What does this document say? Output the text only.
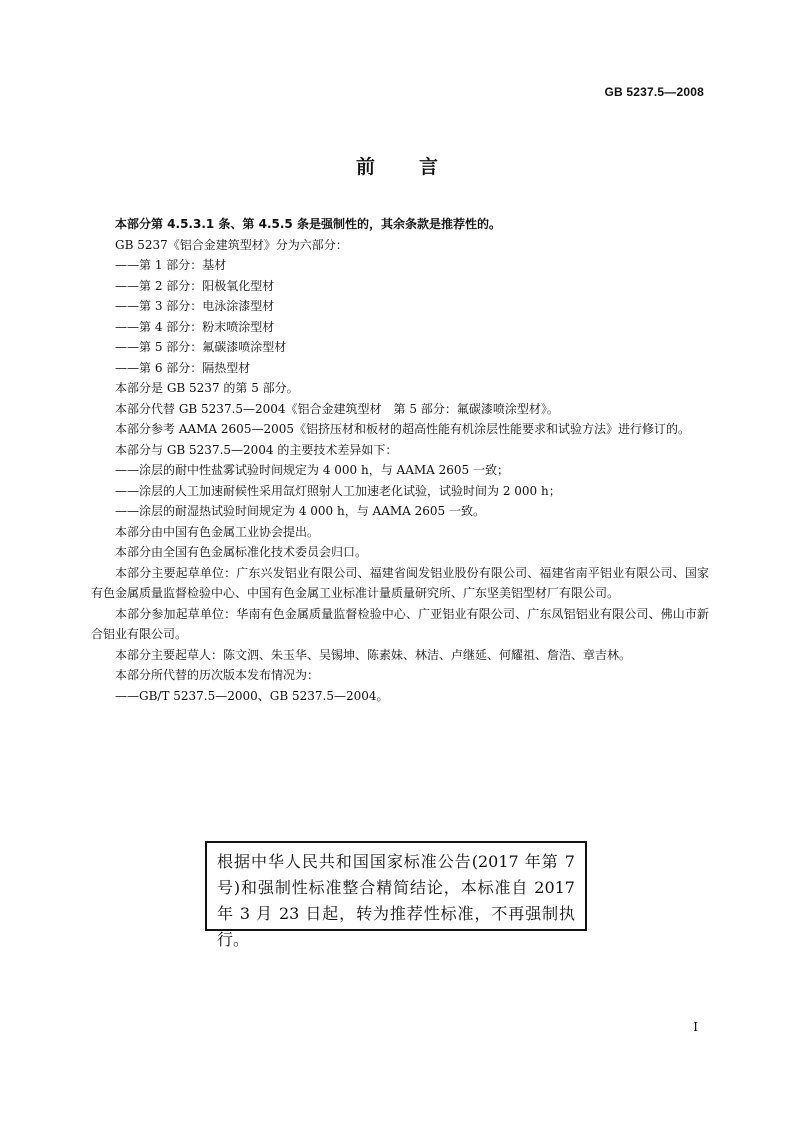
GB 5237.5—2008
前言

本部分第 4.5.3.1 条、第 4.5.5 条是强制性的，其余条款是推荐性的。

GB 5237《铝合金建筑型材》分为六部分：

——第 1 部分：基材

——第 2 部分：阳极氧化型材

——第 3 部分：电泳涂漆型材

——第 4 部分：粉末喷涂型材

——第 5 部分：氟碳漆喷涂型材

——第 6 部分：隔热型材

本部分是 GB 5237 的第 5 部分。

本部分代替 GB 5237.5—2004《铝合金建筑型材　第 5 部分：氟碳漆喷涂型材》。

本部分参考 AAMA 2605—2005《铝挤压材和板材的超高性能有机涂层性能要求和试验方法》进行修订的。

本部分与 GB 5237.5—2004 的主要技术差异如下：

——涂层的耐中性盐雾试验时间规定为 4 000 h，与 AAMA 2605 一致；

——涂层的人工加速耐候性采用氙灯照射人工加速老化试验，试验时间为 2 000 h；

——涂层的耐湿热试验时间规定为 4 000 h，与 AAMA 2605 一致。

本部分由中国有色金属工业协会提出。

本部分由全国有色金属标准化技术委员会归口。

本部分主要起草单位：广东兴发铝业有限公司、福建省闽发铝业股份有限公司、福建省南平铝业有限公司、国家有色金属质量监督检验中心、中国有色金属工业标准计量质量研究所、广东坚美铝型材厂有限公司。

本部分参加起草单位：华南有色金属质量监督检验中心、广亚铝业有限公司、广东凤铝铝业有限公司、佛山市新合铝业有限公司。

本部分主要起草人：陈文泗、朱玉华、吴锡坤、陈素妹、林洁、卢继延、何耀祖、詹浩、章吉林。

本部分所代替的历次版本发布情况为：

——GB/T 5237.5—2000、GB 5237.5—2004。

根据中华人民共和国国家标准公告(2017 年第 7 号)和强制性标准整合精简结论，本标准自 2017 年 3 月 23 日起，转为推荐性标准，不再强制执行。
I
